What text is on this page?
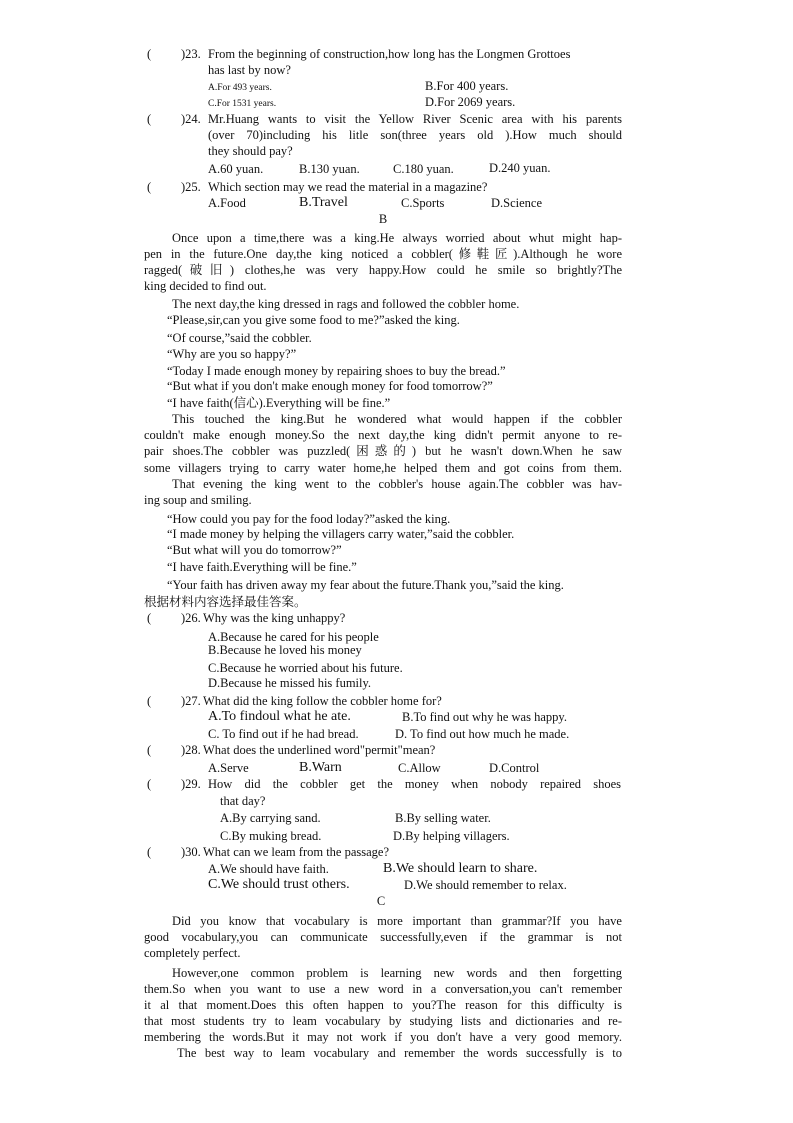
( )23. From the beginning of construction,how long has the Longmen Grottoes
has last by now?
A.For 493 years.	B.For 400 years.
C.For 1531 years.	D.For 2069 years.
( )24. Mr.Huang wants to visit the Yellow River Scenic area with his parents
(over 70)including his litle son(three years old ).How much should
they should pay?
A.60 yuan.	B.130 yuan.	C.180 yuan.	D.240 yuan.
( )25. Which section may we read the material in a magazine?
A.Food	B.Travel	C.Sports	D.Science
B
Once upon a time,there was a king.He always worried about whut might hap-
pen in the future.One day,the king noticed a cobbler(修鞋匠).Although he wore
ragged(破旧) clothes,he was very happy.How could he smile so brightly?The
king decided to find out.
The next day,the king dressed in rags and followed the cobbler home.
“Please,sir,can you give some food to me?”asked the king.
“Of course,”said the cobbler.
“Why are you so happy?”
“Today I made enough money by repairing shoes to buy the bread.”
“But what if you don't make enough money for food tomorrow?”
“I have faith(信心).Everything will be fine.”
This touched the king.But he wondered what would happen if the cobbler
couldn't make enough money.So the next day,the king didn't permit anyone to re-
pair shoes.The cobbler was puzzled(困惑的) but he wasn't down.When he saw
some villagers trying to carry water home,he helped them and got coins from them.
That evening the king went to the cobbler's house again.The cobbler was hav-
ing soup and smiling.
“How could you pay for the food loday?”asked the king.
“I made money by helping the villagers carry water,”said the cobbler.
“But what will you do tomorrow?”
“I have faith.Everything will be fine.”
“Your faith has driven away my fear about the future.Thank you,”said the king.
根据材料内容选择最佳答案。
( )26. Why was the king unhappy?
A.Because he cared for his people
B.Because he loved his money
C.Because he worried about his future.
D.Because he missed his fumily.
( )27. What did the king follow the cobbler home for?
A.To findoul what he ate.	B.To find out why he was happy.
C. To find out if he had bread.	D. To find out how much he made.
( )28. What does the underlined word"permit"mean?
A.Serve	B.Warn	C.Allow	D.Control
( )29. How did the cobbler get the money when nobody repaired shoes
that day?
A.By carrying sand.	B.By selling water.
C.By muking bread.	D.By helping villagers.
( )30. What can we leam from the passage?
A.We should have faith.	B.We should learn to share.
C.We should trust others.	D.We should remember to relax.
C
Did you know that vocabulary is more important than grammar?If you have
good vocabulary,you can communicate successfully,even if the grammar is not
completely perfect.
However,one common problem is learning new words and then forgetting
them.So when you want to use a new word in a conversation,you can't remember
it al that moment.Does this often happen to you?The reason for this difficulty is
that most students try to leam vocabulary by studying lists and dictionaries and re-
membering the words.But it may not work if you don't have a very good memory.
The best way to leam vocabulary and remember the words successfully is to
